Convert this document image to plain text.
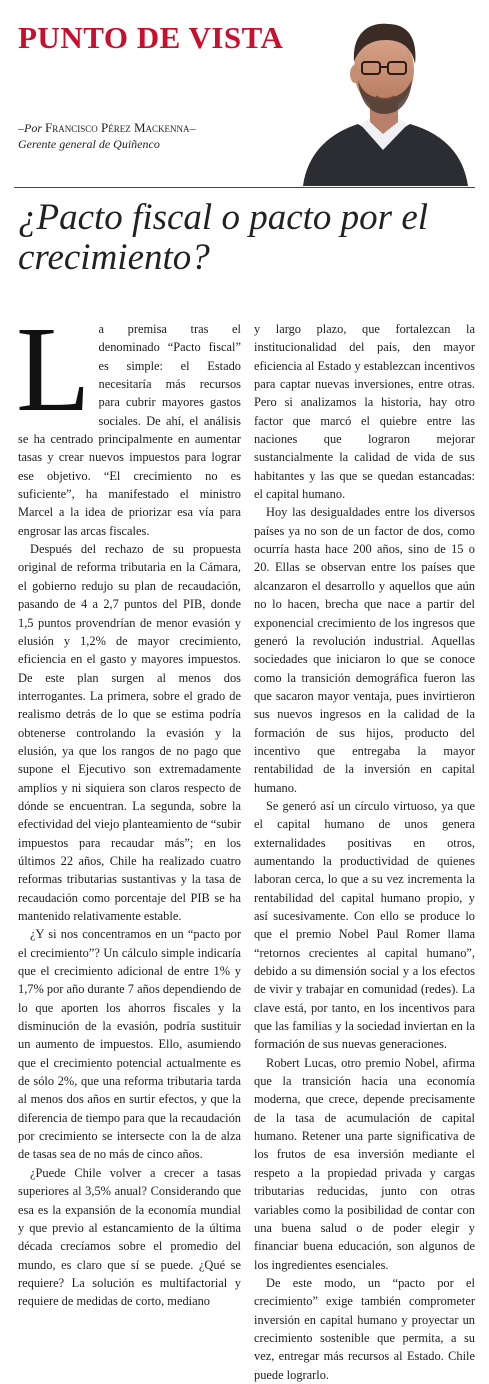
PUNTO DE VISTA
–Por Francisco Pérez Mackenna–
Gerente general de Quiñenco
¿Pacto fiscal o pacto por el crecimiento?

La premisa tras el denominado “Pacto fiscal” es simple: el Estado necesitaría más recursos para cubrir mayores gastos sociales. De ahí, el análisis se ha centrado principalmente en aumentar tasas y crear nuevos impuestos para lograr ese objetivo. “El crecimiento no es suficiente”, ha manifestado el ministro Marcel a la idea de priorizar esa vía para engrosar las arcas fiscales.

Después del rechazo de su propuesta original de reforma tributaria en la Cámara, el gobierno redujo su plan de recaudación, pasando de 4 a 2,7 puntos del PIB, donde 1,5 puntos provendrían de menor evasión y elusión y 1,2% de mayor crecimiento, eficiencia en el gasto y mayores impuestos. De este plan surgen al menos dos interrogantes. La primera, sobre el grado de realismo detrás de lo que se estima podría obtenerse controlando la evasión y la elusión, ya que los rangos de no pago que supone el Ejecutivo son extremadamente amplios y ni siquiera son claros respecto de dónde se encuentran. La segunda, sobre la efectividad del viejo planteamiento de “subir impuestos para recaudar más”; en los últimos 22 años, Chile ha realizado cuatro reformas tributarias sustantivas y la tasa de recaudación como porcentaje del PIB se ha mantenido relativamente estable.

¿Y si nos concentramos en un “pacto por el crecimiento”? Un cálculo simple indicaría que el crecimiento adicional de entre 1% y 1,7% por año durante 7 años dependiendo de lo que aporten los ahorros fiscales y la disminución de la evasión, podría sustituir un aumento de impuestos. Ello, asumiendo que el crecimiento potencial actualmente es de sólo 2%, que una reforma tributaria tarda al menos dos años en surtir efectos, y que la diferencia de tiempo para que la recaudación por crecimiento se intersecte con la de alza de tasas sea de no más de cinco años.

¿Puede Chile volver a crecer a tasas superiores al 3,5% anual? Considerando que esa es la expansión de la economía mundial y que previo al estancamiento de la última década crecíamos sobre el promedio del mundo, es claro que sí se puede. ¿Qué se requiere? La solución es multifactorial y requiere de medidas de corto, mediano

y largo plazo, que fortalezcan la institucionalidad del país, den mayor eficiencia al Estado y establezcan incentivos para captar nuevas inversiones, entre otras. Pero si analizamos la historia, hay otro factor que marcó el quiebre entre las naciones que lograron mejorar sustancialmente la calidad de vida de sus habitantes y las que se quedan estancadas: el capital humano.

Hoy las desigualdades entre los diversos países ya no son de un factor de dos, como ocurría hasta hace 200 años, sino de 15 o 20. Ellas se observan entre los países que alcanzaron el desarrollo y aquellos que aún no lo hacen, brecha que nace a partir del exponencial crecimiento de los ingresos que generó la revolución industrial. Aquellas sociedades que iniciaron lo que se conoce como la transición demográfica fueron las que sacaron mayor ventaja, pues invirtieron sus nuevos ingresos en la calidad de la formación de sus hijos, producto del incentivo que entregaba la mayor rentabilidad de la inversión en capital humano.

Se generó así un círculo virtuoso, ya que el capital humano de unos genera externalidades positivas en otros, aumentando la productividad de quienes laboran cerca, lo que a su vez incrementa la rentabilidad del capital humano propio, y así sucesivamente. Con ello se produce lo que el premio Nobel Paul Romer llama “retornos crecientes al capital humano”, debido a su dimensión social y a los efectos de vivir y trabajar en comunidad (redes). La clave está, por tanto, en los incentivos para que las familias y la sociedad inviertan en la formación de sus nuevas generaciones.

Robert Lucas, otro premio Nobel, afirma que la transición hacia una economía moderna, que crece, depende precisamente de la tasa de acumulación de capital humano. Retener una parte significativa de los frutos de esa inversión mediante el respeto a la propiedad privada y cargas tributarias reducidas, junto con otras variables como la posibilidad de contar con una buena salud o de poder elegir y financiar buena educación, son algunos de los ingredientes esenciales.

De este modo, un “pacto por el crecimiento” exige también comprometer inversión en capital humano y proyectar un crecimiento sostenible que permita, a su vez, entregar más recursos al Estado. Chile puede lograrlo.
